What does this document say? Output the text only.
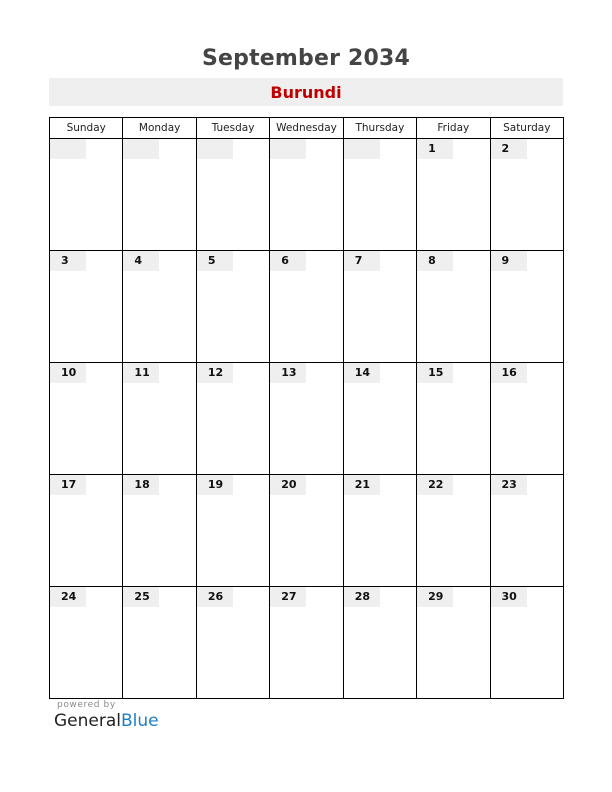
September 2034
Burundi
Sunday	Monday	Tuesday	Wednesday	Thursday	Friday	Saturday

					1	2

3	4	5	6	7	8	9

10	11	12	13	14	15	16

17	18	19	20	21	22	23

24	25	26	27	28	29	30
powered by
GeneralBlue
